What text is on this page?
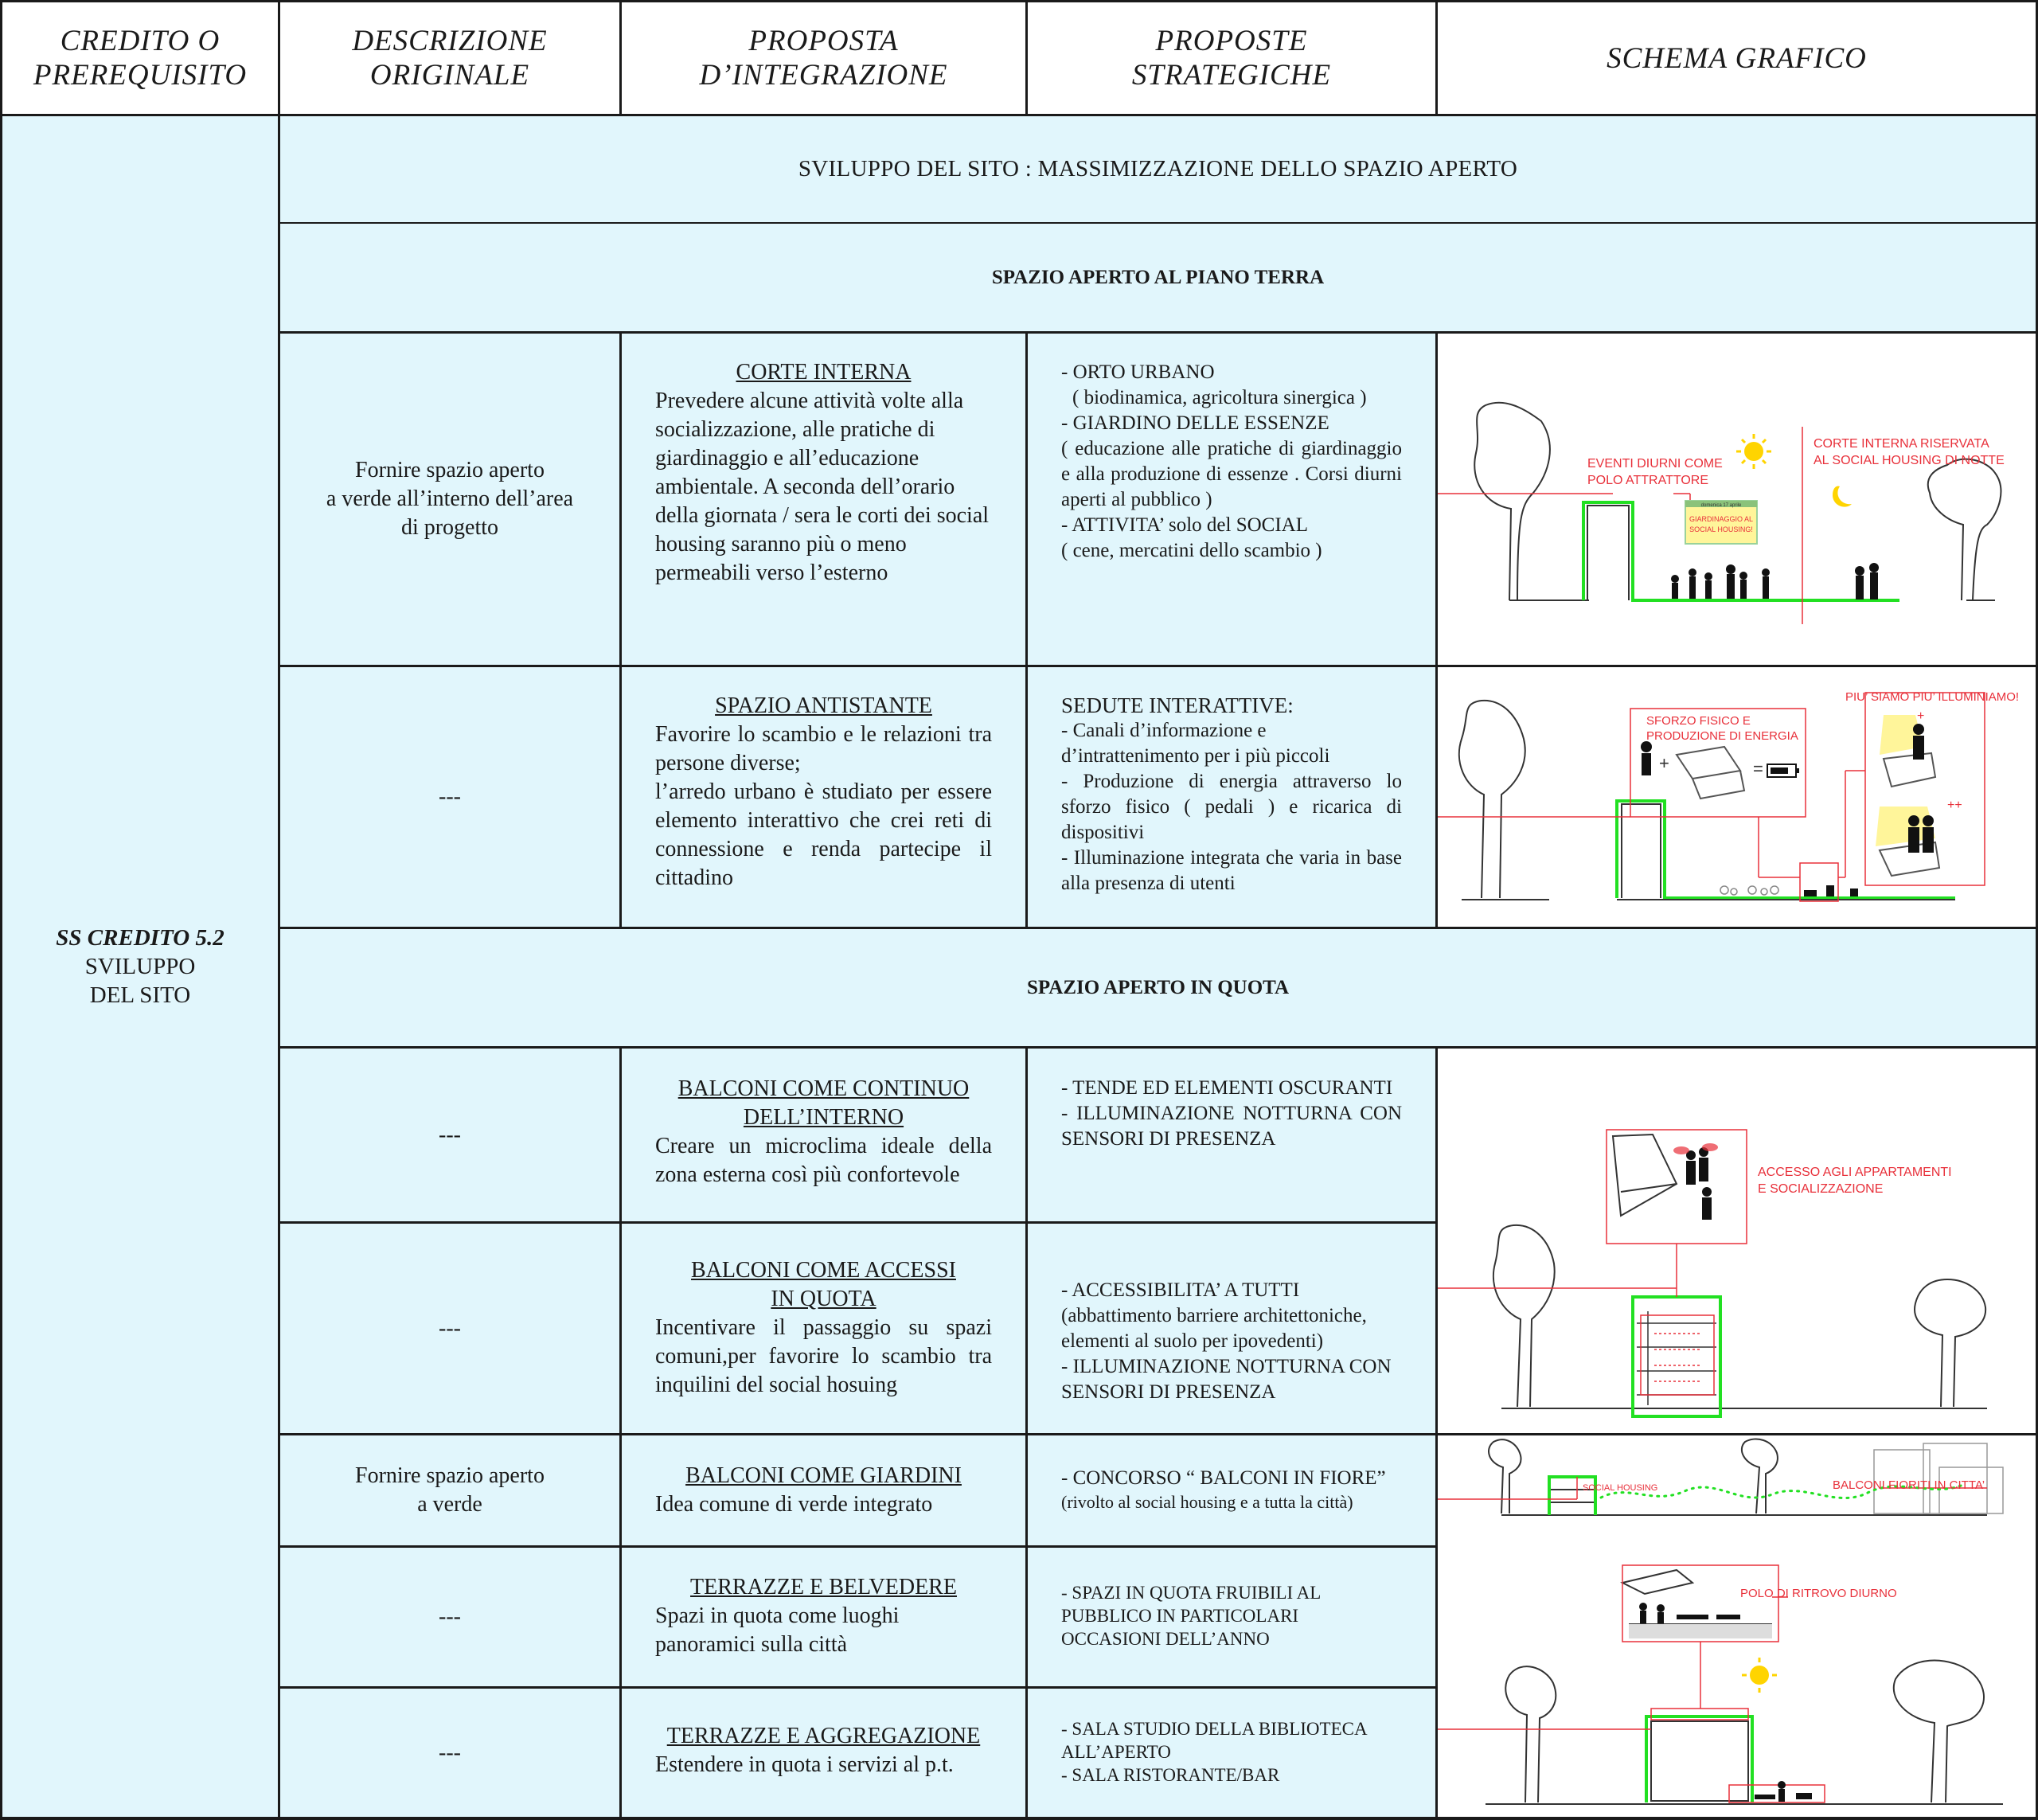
CREDITO O
PREREQUISITO
DESCRIZIONE
ORIGINALE
PROPOSTA
D’INTEGRAZIONE
PROPOSTE
STRATEGICHE
SCHEMA GRAFICO
SS CREDITO 5.2
SVILUPPO
DEL SITO
SVILUPPO DEL SITO : MASSIMIZZAZIONE DELLO SPAZIO APERTO
SPAZIO APERTO AL PIANO TERRA
SPAZIO APERTO IN QUOTA
Fornire spazio aperto
a verde all’interno dell’area
di progetto
CORTE INTERNA
Prevedere alcune attività volte alla socializzazione, alle pratiche di giardinaggio e all’educazione ambientale. A seconda dell’orario della giornata / sera le corti dei social housing saranno più o meno permeabili verso l’esterno
- ORTO URBANO
( biodinamica, agricoltura sinergica )
- GIARDINO DELLE ESSENZE
( educazione alle pratiche di giardinaggio e alla produzione di essenze . Corsi diurni aperti al pubblico )
- ATTIVITA’ solo del SOCIAL
( cene, mercatini dello scambio )
---
SPAZIO ANTISTANTE
Favorire lo scambio e le relazioni tra persone diverse;
l’arredo urbano è studiato per essere elemento interattivo che crei reti di connessione e renda partecipe il cittadino
SEDUTE INTERATTIVE:
- Canali d’informazione e d’intrattenimento per i più piccoli
- Produzione di energia attraverso lo sforzo fisico ( pedali ) e ricarica di dispositivi
- Illuminazione integrata che varia in base alla presenza di utenti
---
BALCONI COME CONTINUO
DELL’INTERNO
Creare un microclima ideale della zona esterna così più confortevole
- TENDE ED ELEMENTI OSCURANTI
- ILLUMINAZIONE NOTTURNA CON SENSORI DI PRESENZA
---
BALCONI COME ACCESSI
IN QUOTA
Incentivare il passaggio su spazi comuni,per favorire lo scambio tra inquilini del social hosuing
- ACCESSIBILITA’ A TUTTI
(abbattimento barriere architettoniche, elementi al suolo per ipovedenti)
- ILLUMINAZIONE NOTTURNA CON SENSORI DI PRESENZA
Fornire spazio aperto
a verde
BALCONI COME GIARDINI
Idea comune di verde integrato
- CONCORSO “ BALCONI IN FIORE”
(rivolto al social housing e a tutta la città)
---
TERRAZZE E BELVEDERE
Spazi in quota come luoghi panoramici sulla città
- SPAZI IN QUOTA FRUIBILI AL PUBBLICO IN PARTICOLARI OCCASIONI DELL’ANNO
---
TERRAZZE E AGGREGAZIONE
Estendere in quota i servizi al p.t.
- SALA STUDIO DELLA BIBLIOTECA ALL’APERTO
- SALA RISTORANTE/BAR
domenica 17 aprile
GIARDINAGGIO AL
SOCIAL HOUSING!
EVENTI DIURNI COME
POLO ATTRATTORE
CORTE INTERNA RISERVATA
AL SOCIAL HOUSING DI NOTTE
+	=
SFORZO FISICO E
PRODUZIONE DI ENERGIA
PIU’ SIAMO PIU’ ILLUMINIAMO!
+
++
ACCESSO AGLI APPARTAMENTI
E SOCIALIZZAZIONE
SOCIAL HOUSING	BALCONI FIORITI IN CITTA’
POLO DI RITROVO DIURNO
